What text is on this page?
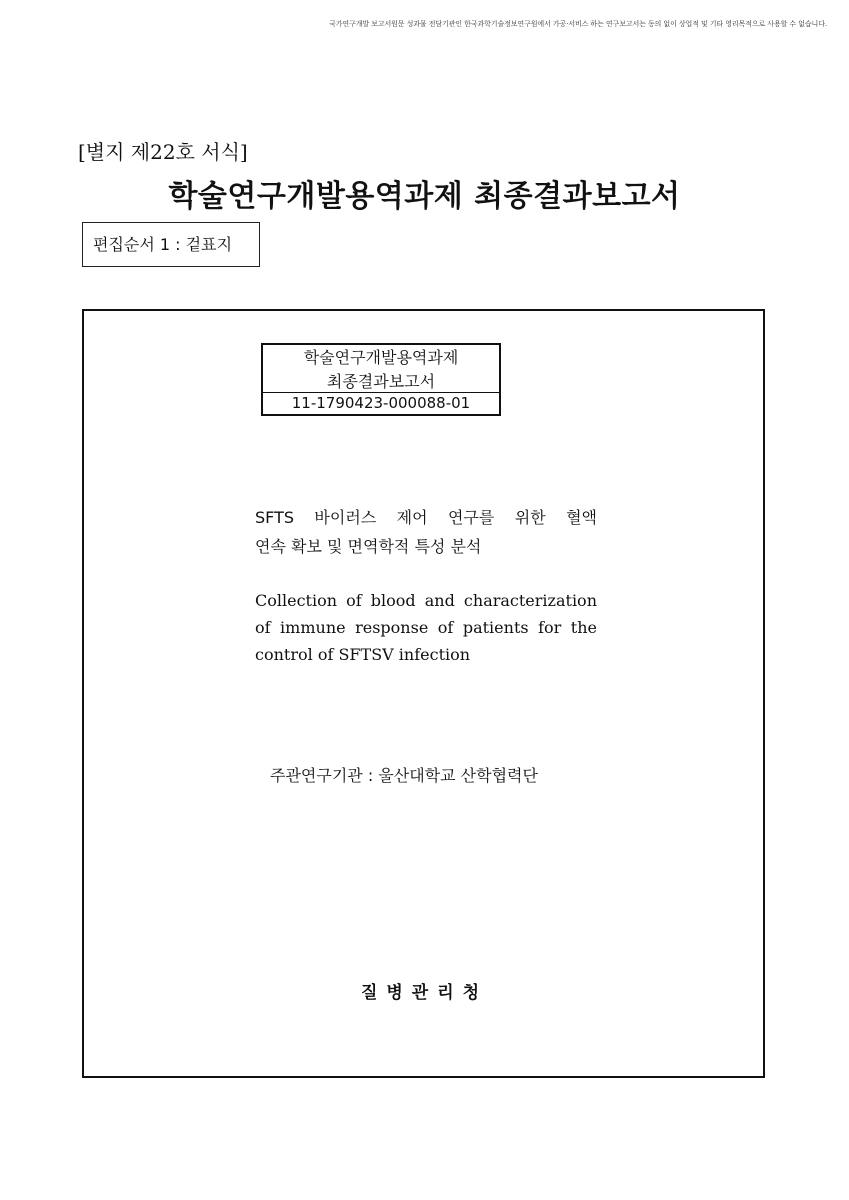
국가연구개발 보고서원문 성과물 전담기관인 한국과학기술정보연구원에서 가공·서비스 하는 연구보고서는 동의 없이 상업적 및 기타 영리목적으로 사용할 수 없습니다.
[별지 제22호 서식]
학술연구개발용역과제 최종결과보고서
편집순서 1 : 겉표지
학술연구개발용역과제
최종결과보고서
11-1790423-000088-01
SFTS 바이러스 제어 연구를 위한 혈액
연속 확보 및 면역학적 특성 분석
Collection of blood and characterization
of immune response of patients for the
control of SFTSV infection
주관연구기관 : 울산대학교 산학협력단
질병관리청
